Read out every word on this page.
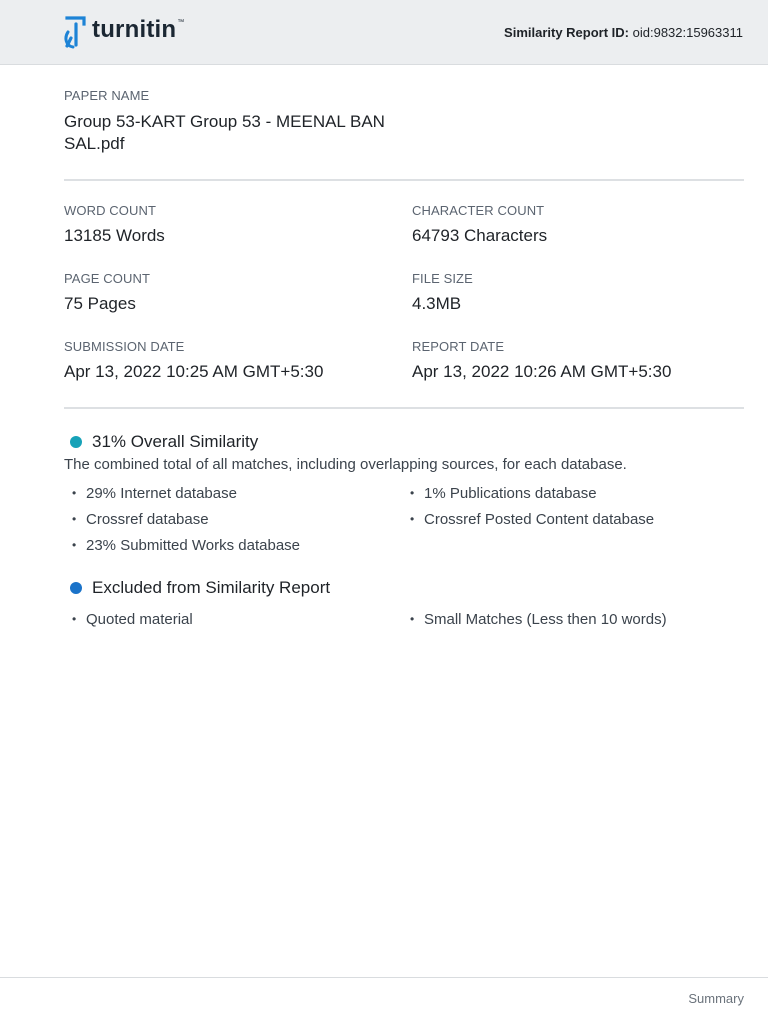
turnitin ™
Similarity Report ID: oid:9832:15963311
PAPER NAME
Group 53-KART Group 53 - MEENAL BAN SAL.pdf
WORD COUNT
13185 Words
CHARACTER COUNT
64793 Characters
PAGE COUNT
75 Pages
FILE SIZE
4.3MB
SUBMISSION DATE
Apr 13, 2022 10:25 AM GMT+5:30
REPORT DATE
Apr 13, 2022 10:26 AM GMT+5:30
31% Overall Similarity
The combined total of all matches, including overlapping sources, for each database.
• 29% Internet database
• Crossref database
• 23% Submitted Works database
• 1% Publications database
• Crossref Posted Content database
Excluded from Similarity Report
• Quoted material
•	Small Matches (Less then 10 words)
Summary
